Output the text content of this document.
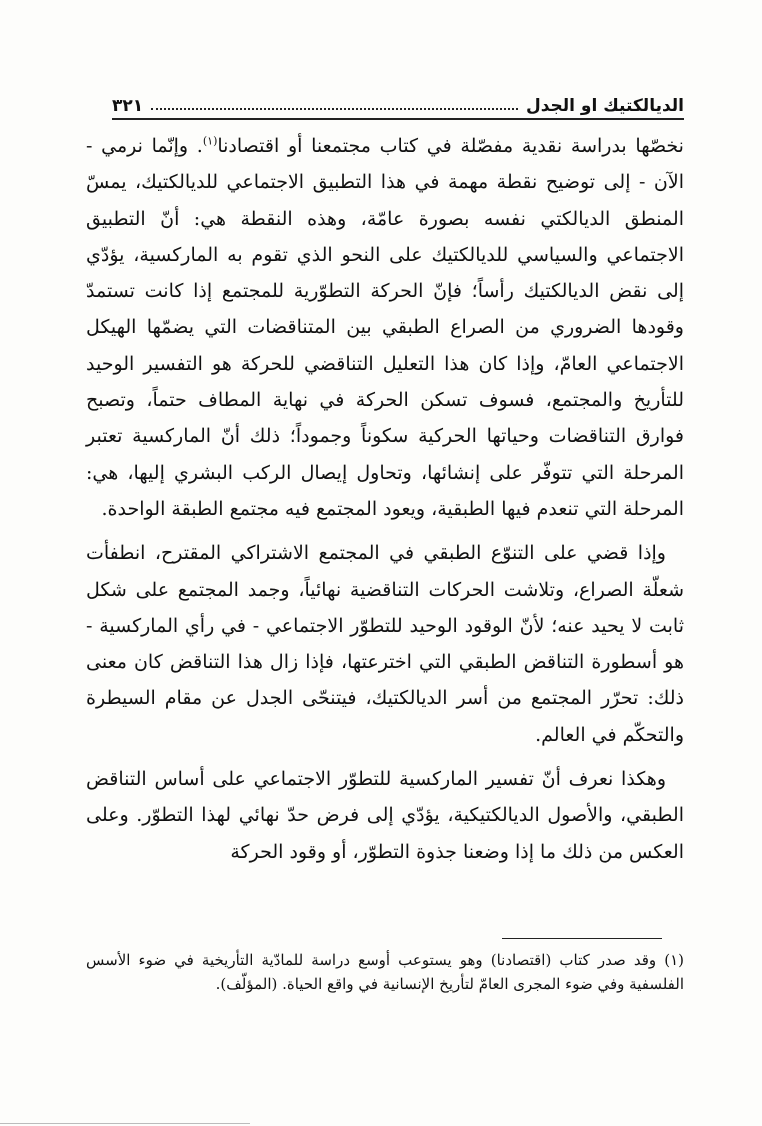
الديالكتيك او الجدل
٣٢١

نخصّها بدراسة نقدية مفصّلة في كتاب مجتمعنا أو اقتصادنا$^{(١)}$. وإنّما نرمي - الآن - إلى توضيح نقطة مهمة في هذا التطبيق الاجتماعي للديالكتيك، يمسّ المنطق الديالكتي نفسه بصورة عامّة، وهذه النقطة هي: أنّ التطبيق الاجتماعي والسياسي للديالكتيك على النحو الذي تقوم به الماركسية، يؤدّي إلى نقض الديالكتيك رأساً؛ فإنّ الحركة التطوّرية للمجتمع إذا كانت تستمدّ وقودها الضروري من الصراع الطبقي بين المتناقضات التي يضمّها الهيكل الاجتماعي العامّ، وإذا كان هذا التعليل التناقضي للحركة هو التفسير الوحيد للتأريخ والمجتمع، فسوف تسكن الحركة في نهاية المطاف حتماً، وتصبح فوارق التناقضات وحياتها الحركية سكوناً وجموداً؛ ذلك أنّ الماركسية تعتبر المرحلة التي تتوفّر على إنشائها، وتحاول إيصال الركب البشري إليها، هي: المرحلة التي تنعدم فيها الطبقية، ويعود المجتمع فيه مجتمع الطبقة الواحدة.

وإذا قضي على التنوّع الطبقي في المجتمع الاشتراكي المقترح، انطفأت شعلّة الصراع، وتلاشت الحركات التناقضية نهائياً، وجمد المجتمع على شكل ثابت لا يحيد عنه؛ لأنّ الوقود الوحيد للتطوّر الاجتماعي - في رأي الماركسية - هو أسطورة التناقض الطبقي التي اخترعتها، فإذا زال هذا التناقض كان معنى ذلك: تحرّر المجتمع من أسر الديالكتيك، فيتنحّى الجدل عن مقام السيطرة والتحكّم في العالم.

وهكذا نعرف أنّ تفسير الماركسية للتطوّر الاجتماعي على أساس التناقض الطبقي، والأصول الديالكتيكية، يؤدّي إلى فرض حدّ نهائي لهذا التطوّر. وعلى العكس من ذلك ما إذا وضعنا جذوة التطوّر، أو وقود الحركة

(١) وقد صدر كتاب (اقتصادنا) وهو يستوعب أوسع دراسة للمادّية التأريخية في ضوء الأسس الفلسفية وفي ضوء المجرى العامّ لتأريخ الإنسانية في واقع الحياة. (المؤلّف).
